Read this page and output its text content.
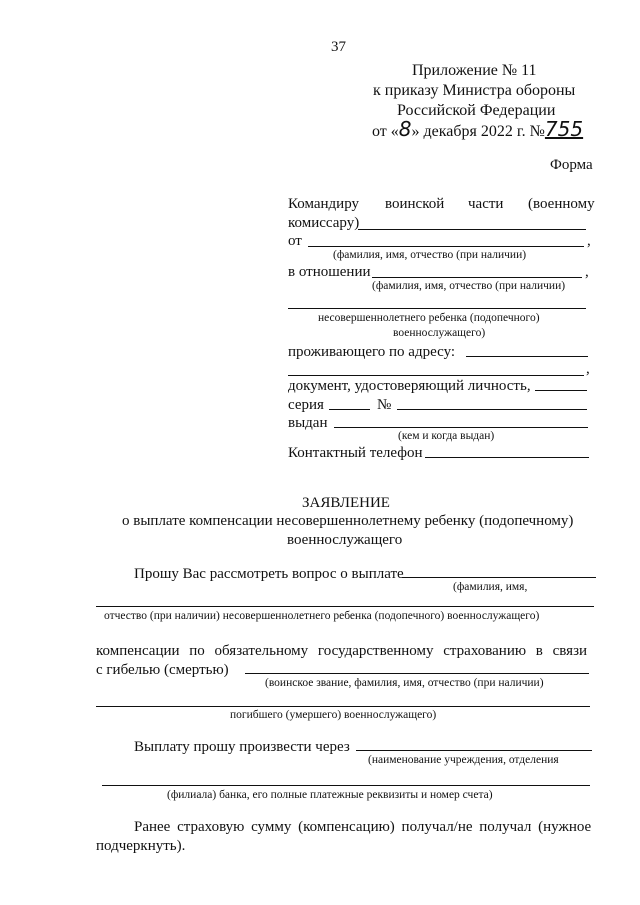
37
Приложение № 11
к приказу Министра обороны
Российской Федерации
от «8» декабря 2022 г. №755
Форма
Командиру воинской части (военному
комиссару)
от	,
(фамилия, имя, отчество (при наличии)
в отношении	,
(фамилия, имя, отчество (при наличии)
несовершеннолетнего ребенка (подопечного)
военнослужащего)
проживающего по адресу:
,
документ, удостоверяющий личность,
серия	№
выдан
(кем и когда выдан)
Контактный телефон
ЗАЯВЛЕНИЕ
о выплате компенсации несовершеннолетнему ребенку (подопечному)
военнослужащего
Прошу Вас рассмотреть вопрос о выплате
(фамилия, имя,
отчество (при наличии) несовершеннолетнего ребенка (подопечного) военнослужащего)
компенсации по обязательному государственному страхованию в связи
с гибелью (смертью)
(воинское звание, фамилия, имя, отчество (при наличии)
погибшего (умершего) военнослужащего)
Выплату прошу произвести через
(наименование учреждения, отделения
(филиала) банка, его полные платежные реквизиты и номер счета)
Ранее страховую сумму (компенсацию) получал/не получал (нужное
подчеркнуть).
